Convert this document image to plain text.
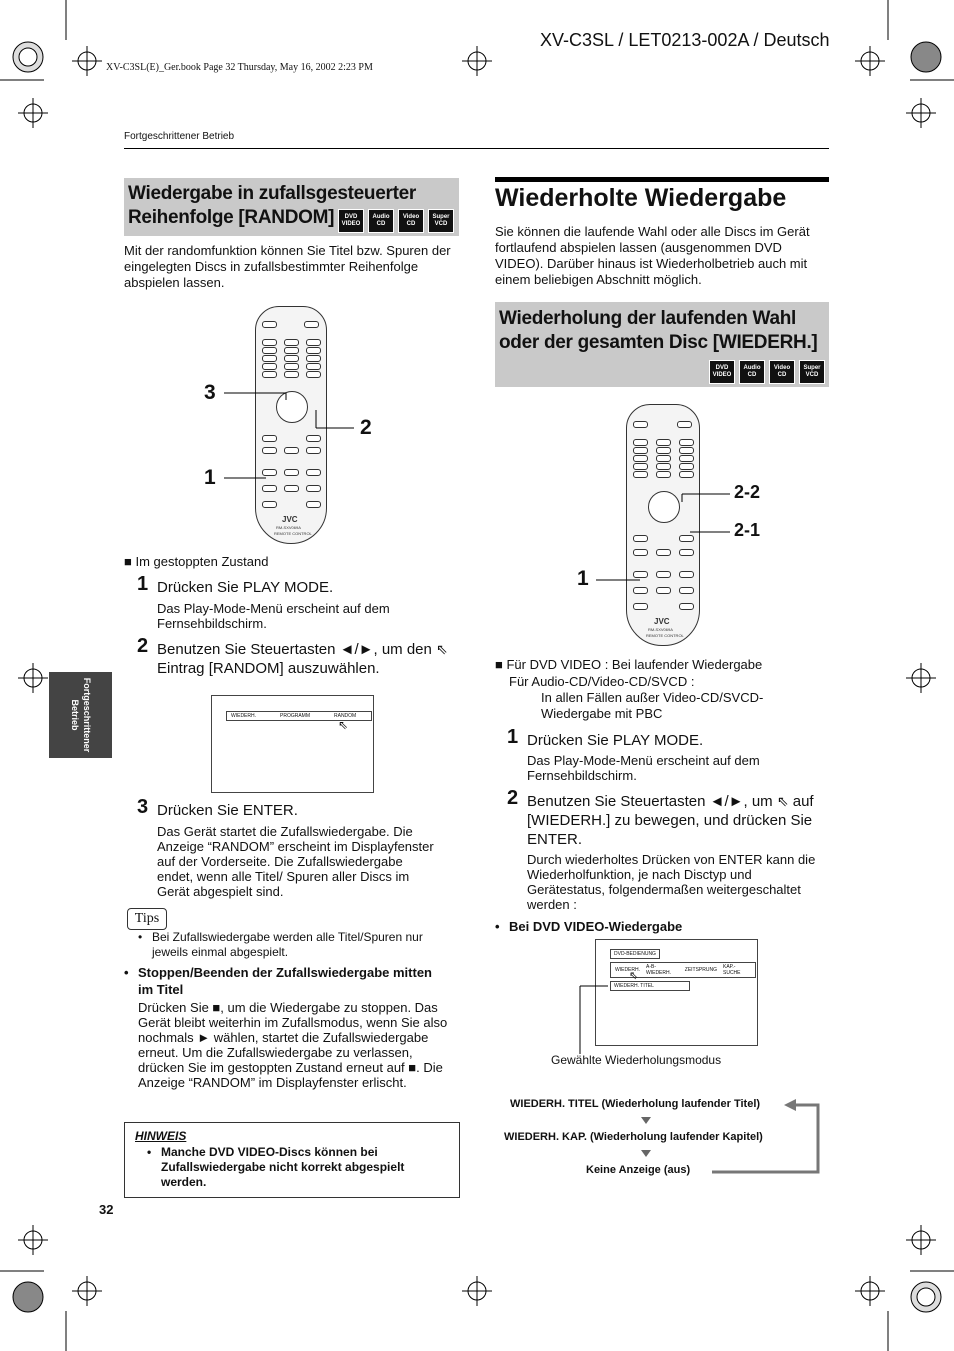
XV-C3SL / LET0213-002A / Deutsch
XV-C3SL(E)_Ger.book Page 32 Thursday, May 16, 2002 2:23 PM
Fortgeschrittener Betrieb
Fortgeschrittener
Betrieb
Wiedergabe in zufallsgesteuerter
Reihenfolge [RANDOM]	DVD VIDEO
Audio CD
Video CD
Super VCD
Mit der randomfunktion können Sie Titel bzw. Spuren der eingelegten Discs in zufallsbestimmter Reihenfolge abspielen lassen.
JVC
RM-SXV069A
REMOTE CONTROL
3
2
1
■ Im gestoppten Zustand
1 Drücken Sie PLAY MODE.
Das Play-Mode-Menü erscheint auf dem Fernsehbildschirm.
2 Benutzen Sie Steuertasten ◄/►, um den ⇖
Eintrag [RANDOM] auszuwählen.
WIEDERH.	PROGRAMM	RANDOM
⇖
3 Drücken Sie ENTER.
Das Gerät startet die Zufallswiedergabe. Die Anzeige “RANDOM” erscheint im Displayfenster auf der Vorderseite. Die Zufallswiedergabe endet, wenn alle Titel/ Spuren aller Discs im Gerät abgespielt sind.
Tips
• Bei Zufallswiedergabe werden alle Titel/Spuren nur jeweils einmal abgespielt.
• Stoppen/Beenden der Zufallswiedergabe mitten im Titel
Drücken Sie ■, um die Wiedergabe zu stoppen. Das Gerät bleibt weiterhin im Zufallsmodus, wenn Sie also nochmals ► wählen, startet die Zufallswiedergabe erneut. Um die Zufallswiedergabe zu verlassen, drücken Sie im gestoppten Zustand erneut auf ■. Die Anzeige “RANDOM” im Displayfenster erlischt.
HINWEIS
• Manche DVD VIDEO-Discs können bei Zufallswiedergabe nicht korrekt abgespielt werden.
32
Wiederholte Wiedergabe
Sie können die laufende Wahl oder alle Discs im Gerät fortlaufend abspielen lassen (ausgenommen DVD VIDEO). Darüber hinaus ist Wiederholbetrieb auch mit einem beliebigen Abschnitt möglich.
Wiederholung der laufenden Wahl
oder der gesamten Disc [WIEDERH.]
DVD VIDEO
Audio CD
Video CD
Super VCD
JVC
RM-SXV069A
REMOTE CONTROL
2-2
2-1
1
■ Für DVD VIDEO : Bei laufender Wiedergabe
Für Audio-CD/Video-CD/SVCD :
In allen Fällen außer Video-CD/SVCD-Wiedergabe mit PBC
1 Drücken Sie PLAY MODE.
Das Play-Mode-Menü erscheint auf dem Fernsehbildschirm.
2 Benutzen Sie Steuertasten ◄/►, um ⇖ auf [WIEDERH.] zu bewegen, und drücken Sie ENTER.
Durch wiederholtes Drücken von ENTER kann die Wiederholfunktion, je nach Disctyp und Gerätestatus, folgendermaßen weitergeschaltet werden :
• Bei DVD VIDEO-Wiedergabe
DVD-BEDIENUNG
WIEDERH. A-B-WIEDERH.	ZEITSPRUNG KAP.-SUCHE
⇖
WIEDERH. TITEL
Gewählte Wiederholungsmodus
WIEDERH. TITEL (Wiederholung laufender Titel)
WIEDERH. KAP. (Wiederholung laufender Kapitel)
Keine Anzeige (aus)
